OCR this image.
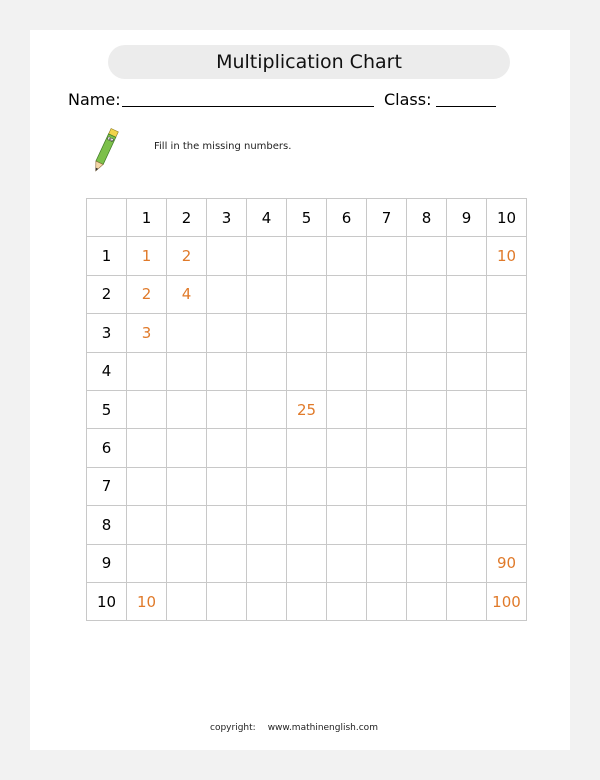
Multiplication Chart
Name:	Class:
Fill in the missing numbers.
	1	2	3	4	5	6	7	8	9	10
1	1	2								10
2	2	4								
3	3									
4										
5					25					
6										
7										
8										
9										90
10	10									100
copyright: www.mathinenglish.com
